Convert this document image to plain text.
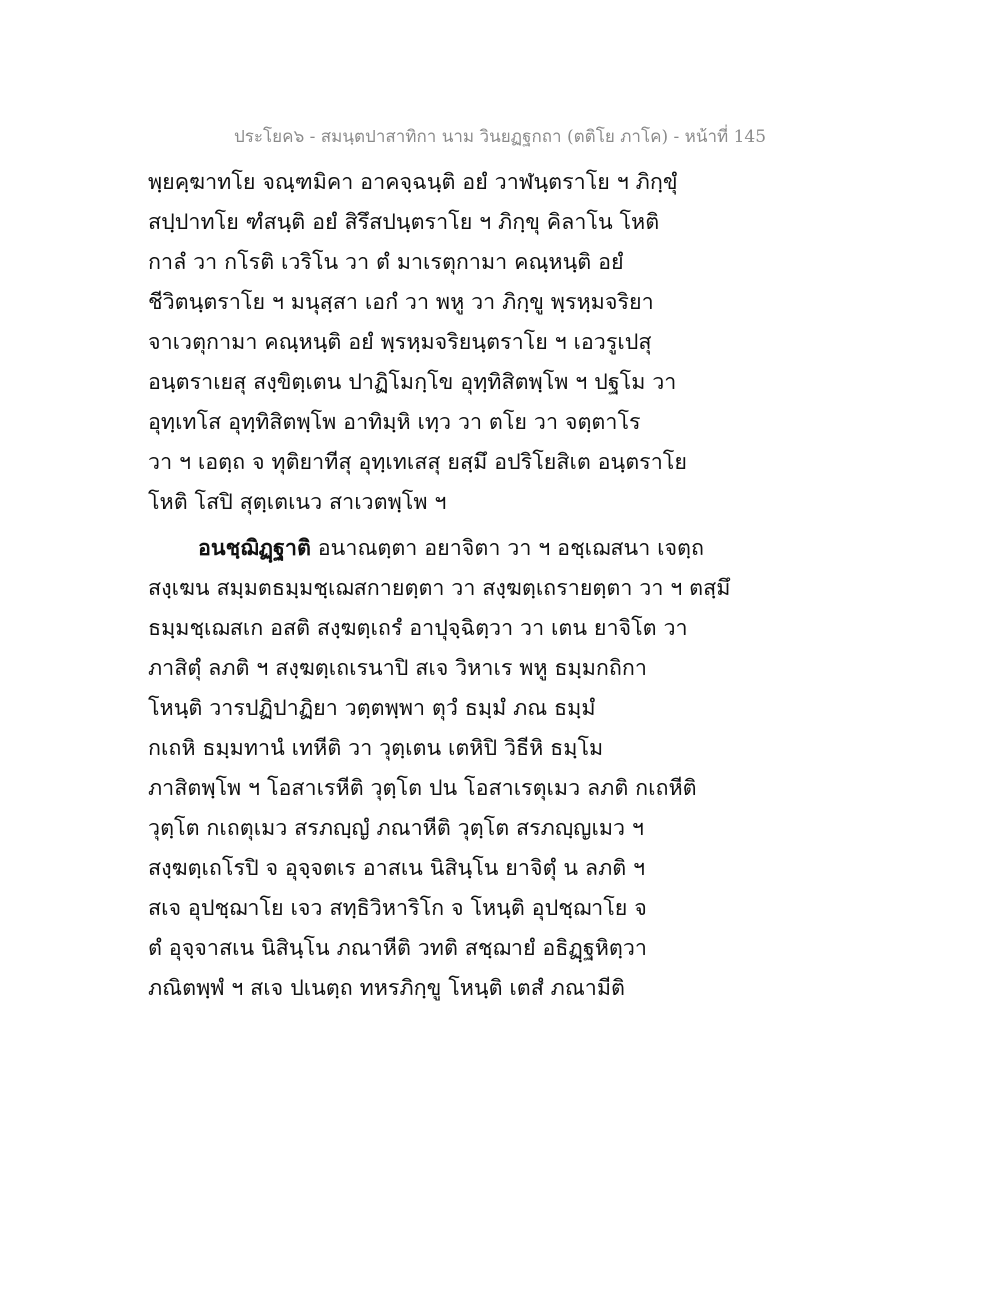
ประโยค๖ - สมนฺตปาสาทิกา นาม วินยฏฐกถา (ตติโย ภาโค) - หน้าที่ 145
พฺยคฺฆาทโย จณฺฑมิคา อาคจฺฉนฺติ อยํ วาฬนฺตราโย ฯ ภิกฺขุํ
สปฺปาทโย ฑํสนฺติ อยํ สิรึสปนฺตราโย ฯ ภิกฺขุ คิลาโน โหติ
กาลํ วา กโรติ เวริโน วา ตํ มาเรตุกามา คณฺหนฺติ อยํ
ชีวิตนฺตราโย ฯ มนุสฺสา เอกํ วา พหู วา ภิกฺขู พฺรหฺมจริยา
จาเวตุกามา คณฺหนฺติ อยํ พฺรหฺมจริยนฺตราโย ฯ เอวรูเปสุ
อนฺตราเยสุ สงฺขิตฺเตน ปาฏิโมกฺโข อุทฺทิสิตพฺโพ ฯ ปฐโม วา
อุทฺเทโส อุทฺทิสิตพฺโพ อาทิมฺหิ เทฺว วา ตโย วา จตฺตาโร
วา ฯ เอตฺถ จ ทุติยาทีสุ อุทฺเทเสสุ ยสฺมึ อปริโยสิเต อนฺตราโย
โหติ โสปิ สุตฺเตเนว สาเวตพฺโพ ฯ
อนชฺฌิฏฺฐาติ อนาณตฺตา อยาจิตา วา ฯ อชฺเฌสนา เจตฺถ
สงฺเฆน สมฺมตธมฺมชฺเฌสกายตฺตา วา สงฺฆตฺเถรายตฺตา วา ฯ ตสฺมึ
ธมฺมชฺเฌสเก อสติ สงฺฆตฺเถรํ อาปุจฺฉิตฺวา วา เตน ยาจิโต วา
ภาสิตุํ ลภติ ฯ สงฺฆตฺเถเรนาปิ สเจ วิหาเร พหู ธมฺมกถิกา
โหนฺติ วารปฏิปาฏิยา วตฺตพฺพา ตุวํ ธมฺมํ ภณ ธมฺมํ
กเถหิ ธมฺมทานํ เทหีติ วา วุตฺเตน เตหิปิ วิธีหิ ธมฺโม
ภาสิตพฺโพ ฯ โอสาเรหีติ วุตฺโต ปน โอสาเรตุเมว ลภติ กเถหีติ
วุตฺโต กเถตุเมว สรภญฺญํ ภณาหีติ วุตฺโต สรภญฺญเมว ฯ
สงฺฆตฺเถโรปิ จ อุจฺจตเร อาสเน นิสินฺโน ยาจิตุํ น ลภติ ฯ
สเจ อุปชฺฌาโย เจว สทฺธิวิหาริโก จ โหนฺติ อุปชฺฌาโย จ
ตํ อุจฺจาสเน นิสินฺโน ภณาหีติ วทติ สชฺฌายํ อธิฏฺฐหิตฺวา
ภณิตพฺพํ ฯ สเจ ปเนตฺถ ทหรภิกฺขู โหนฺติ เตสํ ภณามีติ
